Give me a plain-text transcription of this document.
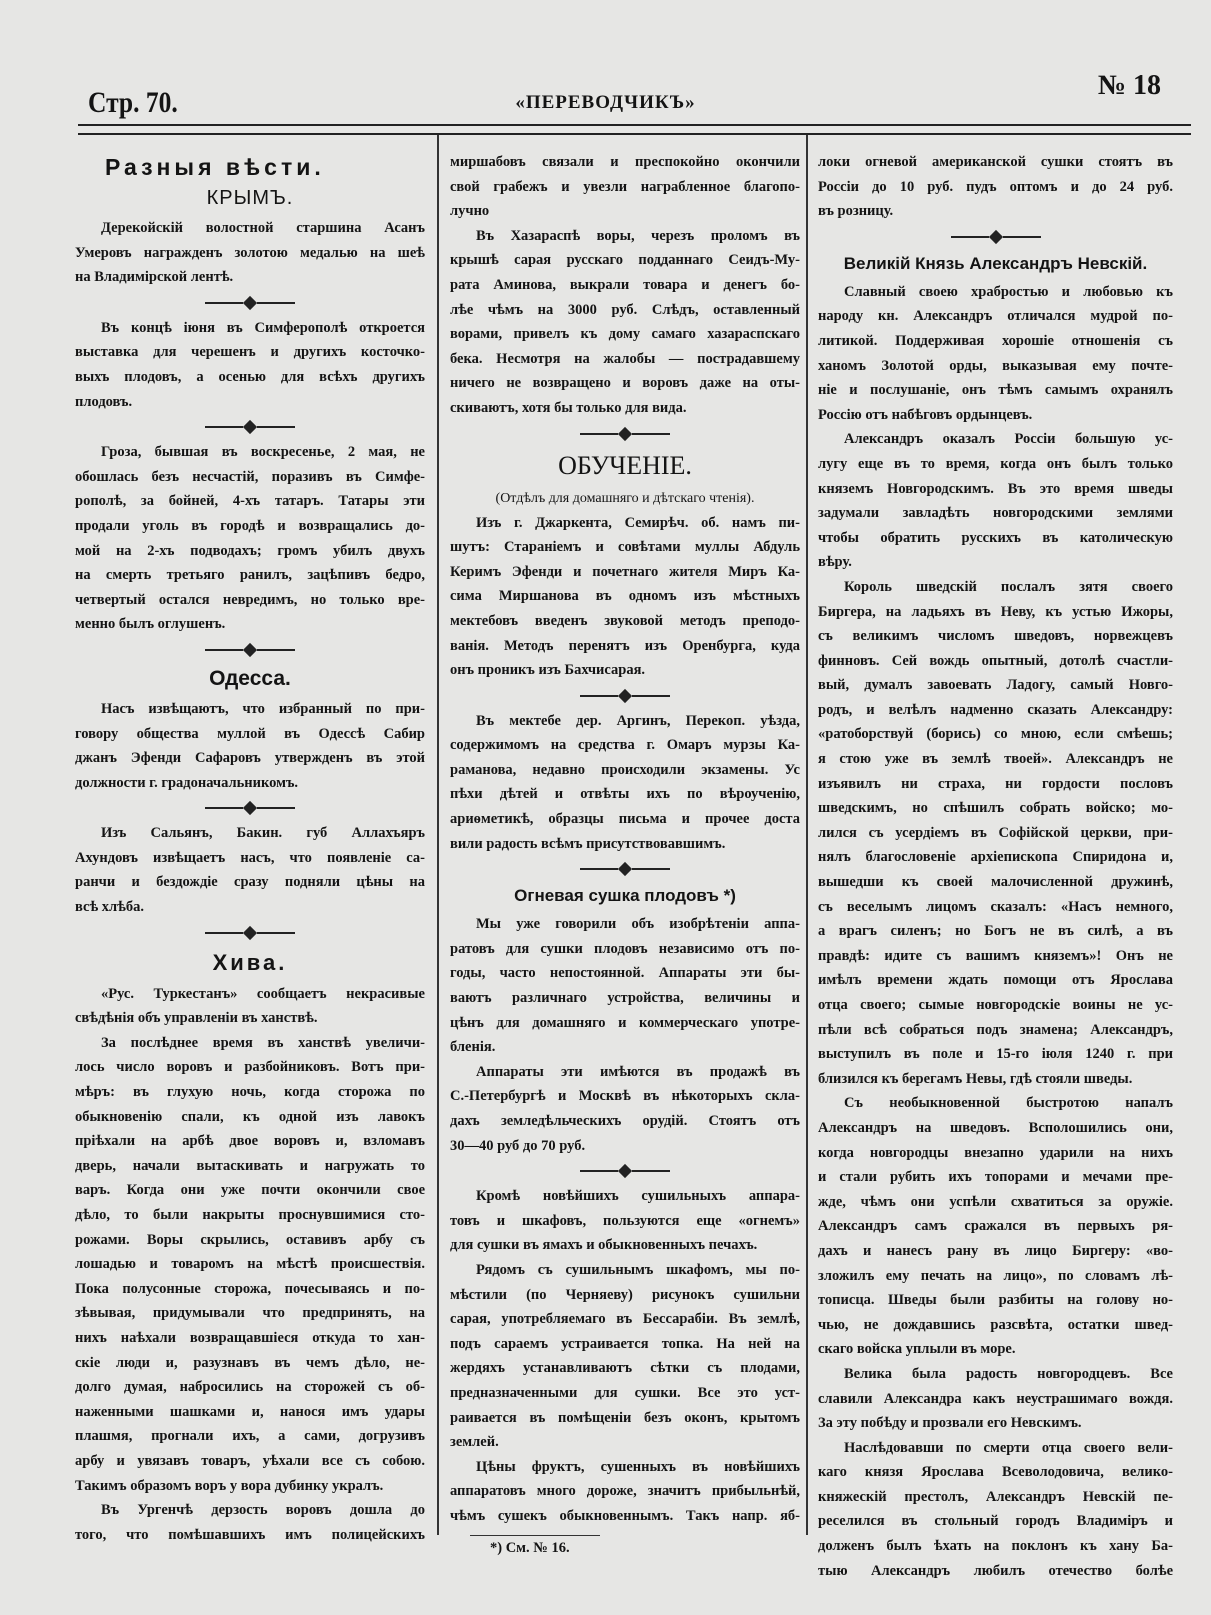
Стр. 70.	«ПЕРЕВОДЧИКЪ»
№ 18
Разныя вѣсти.
КРЫМЪ.
Дерекойскій волостной старшина Асанъ
Умеровъ награжденъ золотою медалью на шеѣ
на Владимірской лентѣ.
Въ концѣ іюня въ Симферополѣ откроется
выставка для черешенъ и другихъ косточко-
выхъ плодовъ, а осенью для всѣхъ другихъ
плодовъ.
Гроза, бывшая въ воскресенье, 2 мая, не
обошлась безъ несчастій, поразивъ въ Симфе-
рополѣ, за бойней, 4-хъ татаръ. Татары эти
продали уголь въ городѣ и возвращались до-
мой на 2-хъ подводахъ; громъ убилъ двухъ
на смерть третьяго ранилъ, зацѣпивъ бедро,
четвертый остался невредимъ, но только вре-
менно былъ оглушенъ.
Одесса.
Насъ извѣщаютъ, что избранный по при-
говору общества муллой въ Одессѣ Сабир
джанъ Эфенди Сафаровъ утвержденъ въ этой
должности г. градоначальникомъ.
Изъ Сальянъ, Бакин. губ Аллахъяръ
Ахундовъ извѣщаетъ насъ, что появленіе са-
ранчи и бездождіе сразу подняли цѣны на
всѣ хлѣба.
Хива.
«Рус. Туркестанъ» сообщаетъ некрасивые
свѣдѣнія объ управленіи въ ханствѣ.
За послѣднее время въ ханствѣ увеличи-
лось число воровъ и разбойниковъ. Вотъ при-
мѣръ: въ глухую ночь, когда сторожа по
обыкновенію спали, къ одной изъ лавокъ
пріѣхали на арбѣ двое воровъ и, взломавъ
дверь, начали вытаскивать и нагружать то
варъ. Когда они уже почти окончили свое
дѣло, то были накрыты проснувшимися сто-
рожами. Воры скрылись, оставивъ арбу съ
лошадью и товаромъ на мѣстѣ происшествія.
Пока полусонные сторожа, почесываясь и по-
зѣвывая, придумывали что предпринять, на
нихъ наѣхали возвращавшіеся откуда то хан-
скіе люди и, разузнавъ въ чемъ дѣло, не-
долго думая, набросились на сторожей съ об-
наженными шашками и, нанося имъ удары
плашмя, прогнали ихъ, а сами, догрузивъ
арбу и увязавъ товаръ, уѣхали все съ собою.
Такимъ образомъ воръ у вора дубинку укралъ.
Въ Ургенчѣ дерзость воровъ дошла до
того, что помѣшавшихъ имъ полицейскихъ
миршабовъ связали и преспокойно окончили
свой грабежъ и увезли награбленное благопо-
лучно
Въ Хазараспѣ воры, черезъ проломъ въ
крышѣ сарая русскаго подданнаго Сеидъ-Му-
рата Аминова, выкрали товара и денегъ бо-
лѣе чѣмъ на 3000 руб. Слѣдъ, оставленный
ворами, привелъ къ дому самаго хазараспскаго
бека. Несмотря на жалобы — пострадавшему
ничего не возвращено и воровъ даже на оты-
скиваютъ, хотя бы только для вида.
ОБУЧЕНІЕ.
(Отдѣлъ для домашняго и дѣтскаго чтенія).
Изъ г. Джаркента, Семирѣч. об. намъ пи-
шутъ: Стараніемъ и совѣтами муллы Абдуль
Керимъ Эфенди и почетнаго жителя Миръ Ка-
сима Миршанова въ одномъ изъ мѣстныхъ
мектебовъ введенъ звуковой методъ преподо-
ванія. Методъ перенятъ изъ Оренбурга, куда
онъ проникъ изъ Бахчисарая.
Въ мектебе дер. Аргинъ, Перекоп. уѣзда,
содержимомъ на средства г. Омаръ мурзы Ка-
раманова, недавно происходили экзамены. Ус
пѣхи дѣтей и отвѣты ихъ по вѣроученію,
ариѳметикѣ, образцы письма и прочее доста
вили радость всѣмъ присутствовавшимъ.
Огневая сушка плодовъ *)
Мы уже говорили объ изобрѣтеніи аппа-
ратовъ для сушки плодовъ независимо отъ по-
годы, часто непостоянной. Аппараты эти бы-
ваютъ различнаго устройства, величины и
цѣнъ для домашняго и коммерческаго употре-
бленія.
Аппараты эти имѣются въ продажѣ въ
С.-Петербургѣ и Москвѣ въ нѣкоторыхъ скла-
дахъ земледѣльческихъ орудій. Стоятъ отъ
30—40 руб до 70 руб.
Кромѣ новѣйшихъ сушильныхъ аппара-
товъ и шкафовъ, пользуются еще «огнемъ»
для сушки въ ямахъ и обыкновенныхъ печахъ.
Рядомъ съ сушильнымъ шкафомъ, мы по-
мѣстили (по Черняеву) рисунокъ сушильни
сарая, употребляемаго въ Бессарабіи. Въ землѣ,
подъ сараемъ устраивается топка. На ней на
жердяхъ устанавливаютъ сѣтки съ плодами,
предназначенными для сушки. Все это уст-
раивается въ помѣщеніи безъ оконъ, крытомъ
землей.
Цѣны фруктъ, сушенныхъ въ новѣйшихъ
аппаратовъ много дороже, значитъ прибыльнѣй,
чѣмъ сушекъ обыкновеннымъ. Такъ напр. яб-
*) См. № 16.
локи огневой американской сушки стоятъ въ
Россіи до 10 руб. пудъ оптомъ и до 24 руб.
въ розницу.
Великій Князь Александръ Невскій.
Славный своею храбростью и любовью къ
народу кн. Александръ отличался мудрой по-
литикой. Поддерживая хорошіе отношенія съ
ханомъ Золотой орды, выказывая ему почте-
ніе и послушаніе, онъ тѣмъ самымъ охранялъ
Россію отъ набѣговъ ордынцевъ.
Александръ оказалъ Россіи большую ус-
лугу еще въ то время, когда онъ былъ только
княземъ Новгородскимъ. Въ это время шведы
задумали завладѣть новгородскими землями
чтобы обратить русскихъ въ католическую
вѣру.
Король шведскій послалъ зятя своего
Биргера, на ладьяхъ въ Неву, къ устью Ижоры,
съ великимъ числомъ шведовъ, норвежцевъ
финновъ. Сей вождь опытный, дотолѣ счастли-
вый, думалъ завоевать Ладогу, самый Новго-
родъ, и велѣлъ надменно сказать Александру:
«ратоборствуй (борись) со мною, если смѣешь;
я стою уже въ землѣ твоей». Александръ не
изъявилъ ни страха, ни гордости пословъ
шведскимъ, но спѣшилъ собрать войско; мо-
лился съ усердіемъ въ Софійской церкви, при-
нялъ благословеніе архіепископа Спиридона и,
вышедши къ своей малочисленной дружинѣ,
съ веселымъ лицомъ сказалъ: «Насъ немного,
а врагъ силенъ; но Богъ не въ силѣ, а въ
правдѣ: идите съ вашимъ княземъ»! Онъ не
имѣлъ времени ждать помощи отъ Ярослава
отца своего; сымые новгородскіе воины не ус-
пѣли всѣ собраться подъ знамена; Александръ,
выступилъ въ поле и 15-го іюля 1240 г. при
близился къ берегамъ Невы, гдѣ стояли шведы.
Съ необыкновенной быстротою напалъ
Александръ на шведовъ. Всполошились они,
когда новгородцы внезапно ударили на нихъ
и стали рубить ихъ топорами и мечами пре-
жде, чѣмъ они успѣли схватиться за оружіе.
Александръ самъ сражался въ первыхъ ря-
дахъ и нанесъ рану въ лицо Биргеру: «во-
зложилъ ему печать на лицо», по словамъ лѣ-
тописца. Шведы были разбиты на голову но-
чью, не дождавшись разсвѣта, остатки швед-
скаго войска уплыли въ море.
Велика была радость новгородцевъ. Все
славили Александра какъ неустрашимаго вождя.
За эту побѣду и прозвали его Невскимъ.
Наслѣдовавши по смерти отца своего вели-
каго князя Ярослава Всеволодовича, велико-
княжескій престолъ, Александръ Невскій пе-
реселился въ стольный городъ Владиміръ и
долженъ былъ ѣхать на поклонъ къ хану Ба-
тыю Александръ любилъ отечество болѣе
